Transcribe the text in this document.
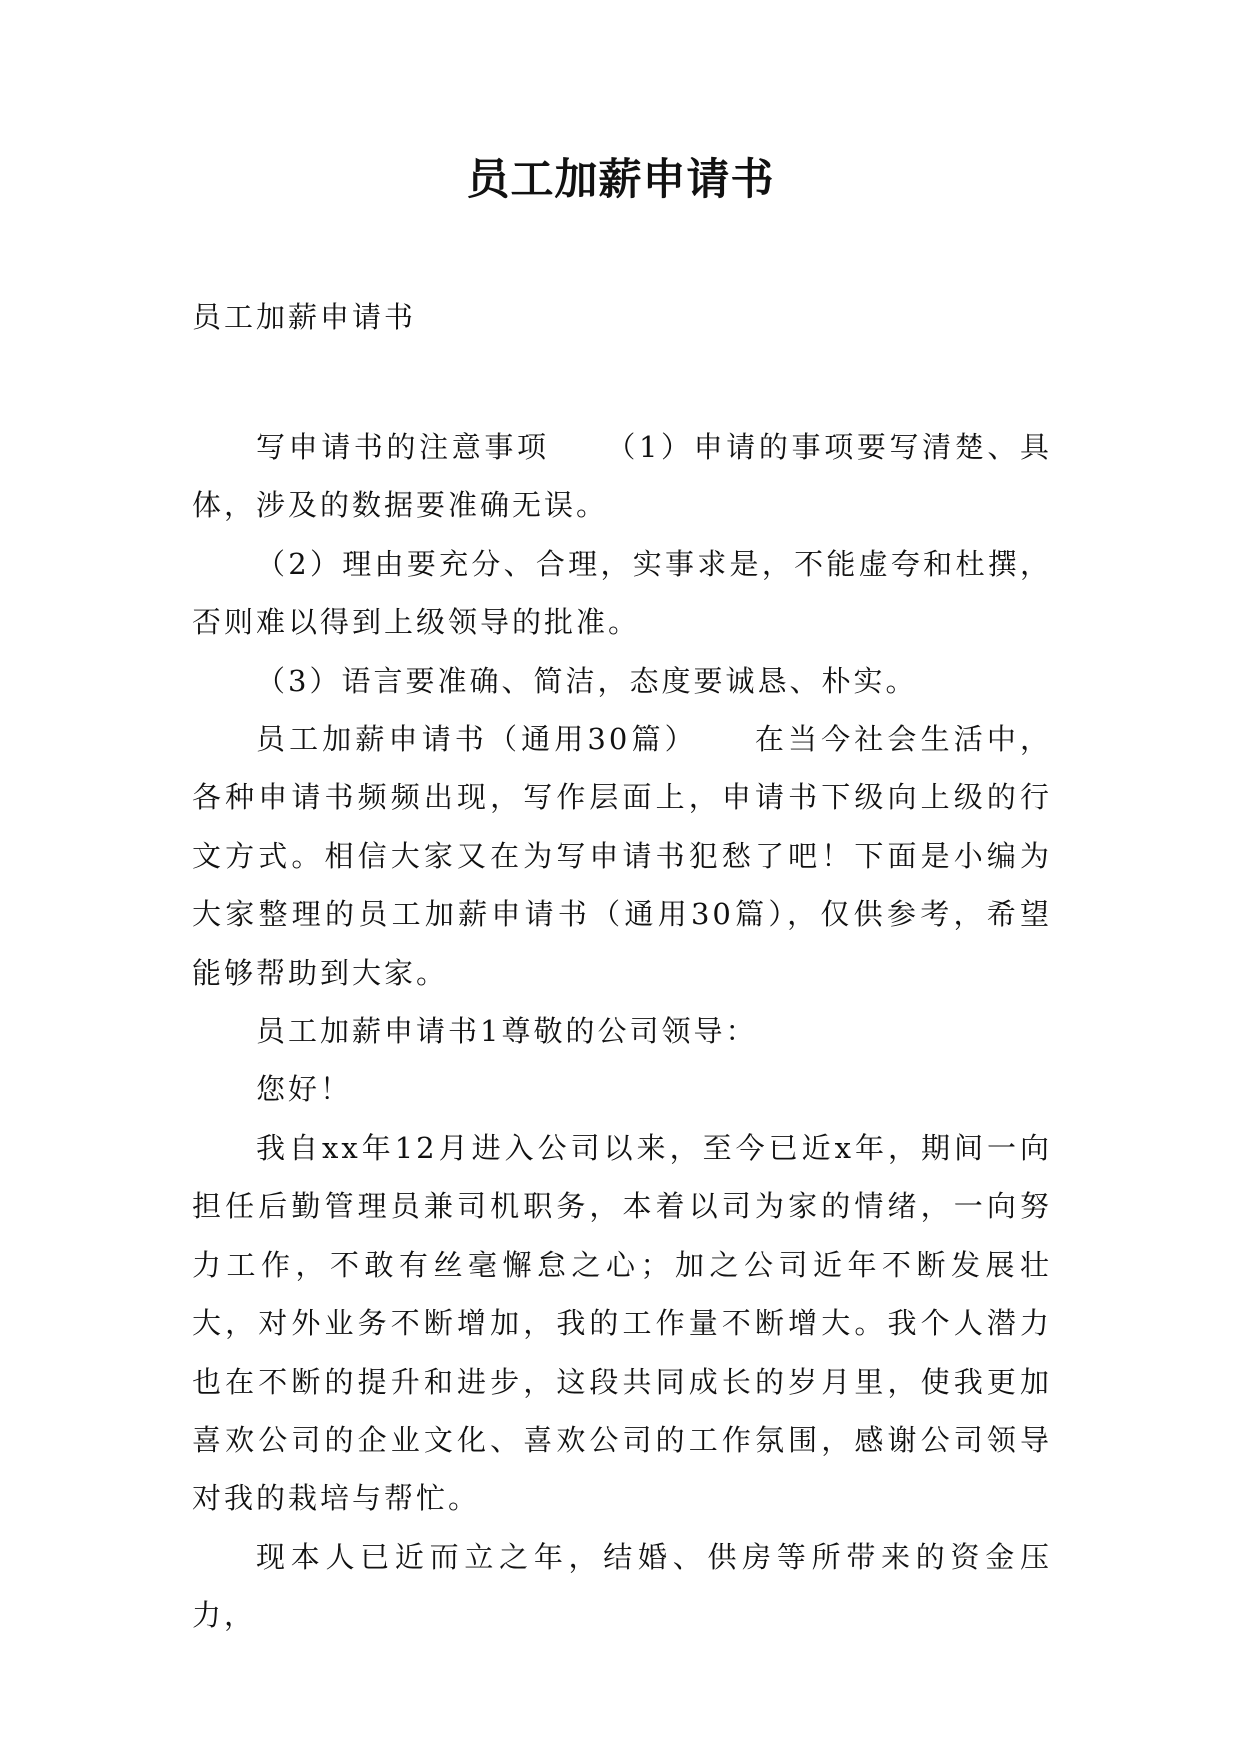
员工加薪申请书

员工加薪申请书

写申请书的注意事项 （1）申请的事项要写清楚、具体，涉及的数据要准确无误。

（2）理由要充分、合理，实事求是，不能虚夸和杜撰，否则难以得到上级领导的批准。

（3）语言要准确、简洁，态度要诚恳、朴实。

员工加薪申请书（通用30篇） 在当今社会生活中，各种申请书频频出现，写作层面上，申请书下级向上级的行文方式。相信大家又在为写申请书犯愁了吧！下面是小编为大家整理的员工加薪申请书（通用30篇），仅供参考，希望能够帮助到大家。

员工加薪申请书1尊敬的公司领导：

您好！

我自xx年12月进入公司以来，至今已近x年，期间一向担任后勤管理员兼司机职务，本着以司为家的情绪，一向努力工作，不敢有丝毫懈怠之心；加之公司近年不断发展壮大，对外业务不断增加，我的工作量不断增大。我个人潜力也在不断的提升和进步，这段共同成长的岁月里，使我更加喜欢公司的企业文化、喜欢公司的工作氛围，感谢公司领导对我的栽培与帮忙。

现本人已近而立之年，结婚、供房等所带来的资金压力，
